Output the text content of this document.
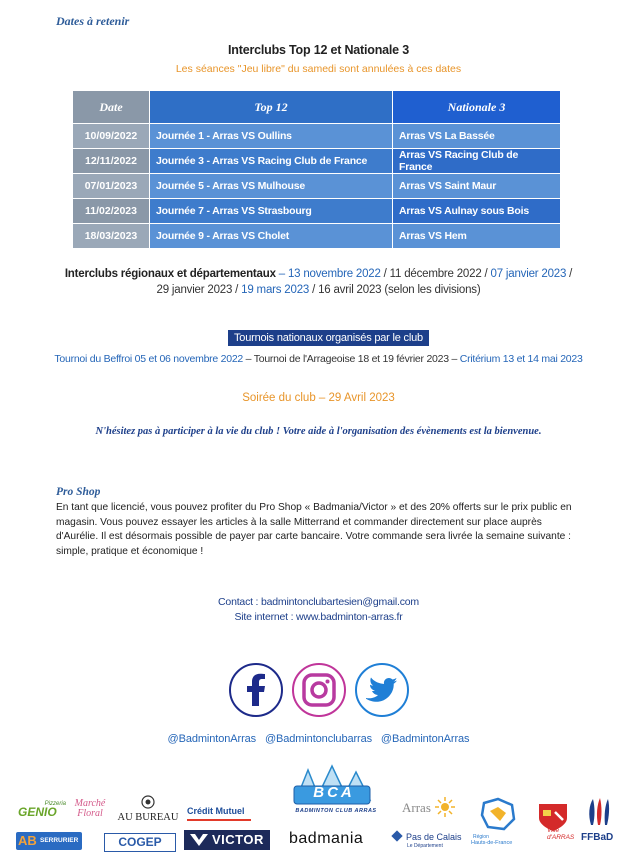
Dates à retenir
Interclubs Top 12 et Nationale 3
Les séances "Jeu libre" du samedi sont annulées à ces dates
Date	Top 12	Nationale 3
10/09/2022	Journée 1 - Arras VS Oullins	Arras VS La Bassée
12/11/2022	Journée 3 - Arras VS Racing Club de France	Arras VS Racing Club de France
07/01/2023	Journée 5 - Arras VS Mulhouse	Arras VS Saint Maur
11/02/2023	Journée 7 - Arras VS Strasbourg	Arras VS Aulnay sous Bois
18/03/2023	Journée 9 - Arras VS Cholet	Arras VS Hem
Interclubs régionaux et départementaux – 13 novembre 2022 / 11 décembre 2022 / 07 janvier 2023 /
29 janvier 2023 / 19 mars 2023 / 16 avril 2023 (selon les divisions)
Tournois nationaux organisés par le club
Tournoi du Beffroi 05 et 06 novembre 2022 – Tournoi de l'Arrageoise 18 et 19 février 2023 – Critérium 13 et 14 mai 2023
Soirée du club – 29 Avril 2023
N'hésitez pas à participer à la vie du club ! Votre aide à l'organisation des évènements est la bienvenue.
Pro Shop
En tant que licencié, vous pouvez profiter du Pro Shop « Badmania/Victor » et des 20% offerts sur le prix public en magasin. Vous pouvez essayer les articles à la salle Mitterrand et commander directement sur place auprès d'Aurélie. Il est désormais possible de payer par carte bancaire. Votre commande sera livrée la semaine suivante : simple, pratique et économique !
Contact : badmintonclubartesien@gmail.com
Site internet : www.badminton-arras.fr
@BadmintonArras @Badmintonclubarras @BadmintonArras
Pizzeria
GENIO
Marché Floral	AU BUREAU
Crédit Mutuel
BCA
BADMINTON CLUB ARRAS	Arras
Région
Hauts-de-France
Ville d'ARRAS FFBaD
AB SERRURIER	COGEP	VICTOR badmania	Pas de Calais
Le Département
